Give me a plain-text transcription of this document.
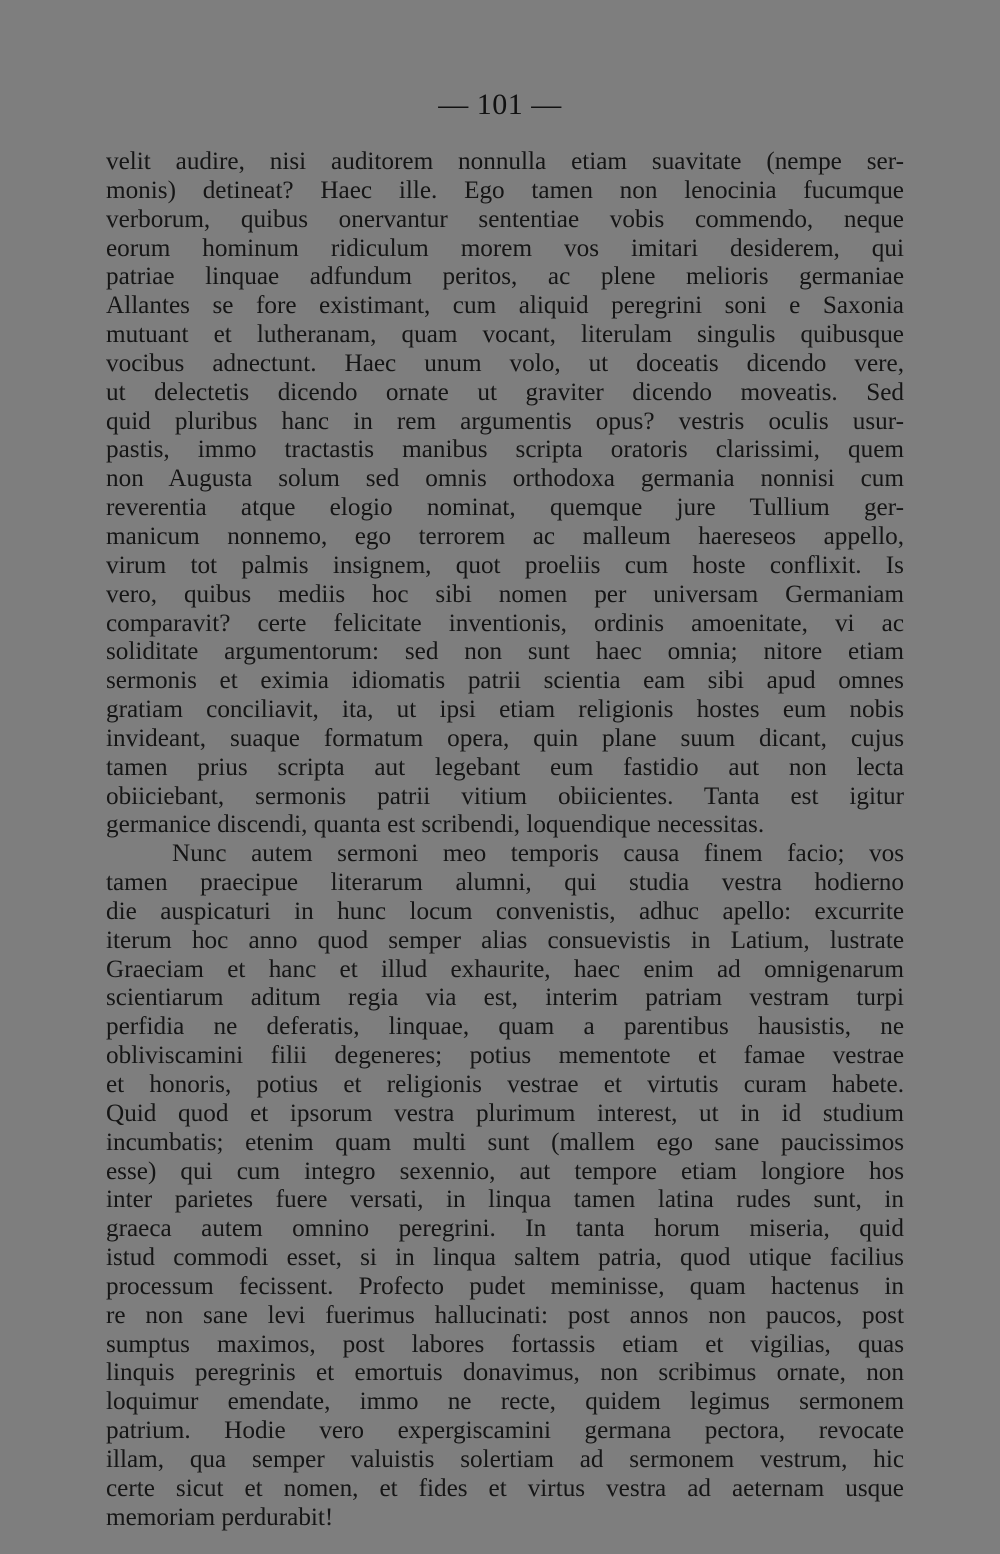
— 101 —
velit audire, nisi auditorem nonnulla etiam suavitate (nempe ser-
monis) detineat? Haec ille. Ego tamen non lenocinia fucumque
verborum, quibus onervantur sententiae vobis commendo, neque
eorum hominum ridiculum morem vos imitari desiderem, qui
patriae linquae adfundum peritos, ac plene melioris germaniae
Allantes se fore existimant, cum aliquid peregrini soni e Saxonia
mutuant et lutheranam, quam vocant, literulam singulis quibusque
vocibus adnectunt. Haec unum volo, ut doceatis dicendo vere,
ut delectetis dicendo ornate ut graviter dicendo moveatis. Sed
quid pluribus hanc in rem argumentis opus? vestris oculis usur-
pastis, immo tractastis manibus scripta oratoris clarissimi, quem
non Augusta solum sed omnis orthodoxa germania nonnisi cum
reverentia atque elogio nominat, quemque jure Tullium ger-
manicum nonnemo, ego terrorem ac malleum haereseos appello,
virum tot palmis insignem, quot proeliis cum hoste conflixit. Is
vero, quibus mediis hoc sibi nomen per universam Germaniam
comparavit? certe felicitate inventionis, ordinis amoenitate, vi ac
soliditate argumentorum: sed non sunt haec omnia; nitore etiam
sermonis et eximia idiomatis patrii scientia eam sibi apud omnes
gratiam conciliavit, ita, ut ipsi etiam religionis hostes eum nobis
invideant, suaque formatum opera, quin plane suum dicant, cujus
tamen prius scripta aut legebant eum fastidio aut non lecta
obiiciebant, sermonis patrii vitium obiicientes. Tanta est igitur
germanice discendi, quanta est scribendi, loquendique necessitas.
Nunc autem sermoni meo temporis causa finem facio; vos
tamen praecipue literarum alumni, qui studia vestra hodierno
die auspicaturi in hunc locum convenistis, adhuc apello: excurrite
iterum hoc anno quod semper alias consuevistis in Latium, lustrate
Graeciam et hanc et illud exhaurite, haec enim ad omnigenarum
scientiarum aditum regia via est, interim patriam vestram turpi
perfidia ne deferatis, linquae, quam a parentibus hausistis, ne
obliviscamini filii degeneres; potius mementote et famae vestrae
et honoris, potius et religionis vestrae et virtutis curam habete.
Quid quod et ipsorum vestra plurimum interest, ut in id studium
incumbatis; etenim quam multi sunt (mallem ego sane paucissimos
esse) qui cum integro sexennio, aut tempore etiam longiore hos
inter parietes fuere versati, in linqua tamen latina rudes sunt, in
graeca autem omnino peregrini. In tanta horum miseria, quid
istud commodi esset, si in linqua saltem patria, quod utique facilius
processum fecissent. Profecto pudet meminisse, quam hactenus in
re non sane levi fuerimus hallucinati: post annos non paucos, post
sumptus maximos, post labores fortassis etiam et vigilias, quas
linquis peregrinis et emortuis donavimus, non scribimus ornate, non
loquimur emendate, immo ne recte, quidem legimus sermonem
patrium. Hodie vero expergiscamini germana pectora, revocate
illam, qua semper valuistis solertiam ad sermonem vestrum, hic
certe sicut et nomen, et fides et virtus vestra ad aeternam usque
memoriam perdurabit!
